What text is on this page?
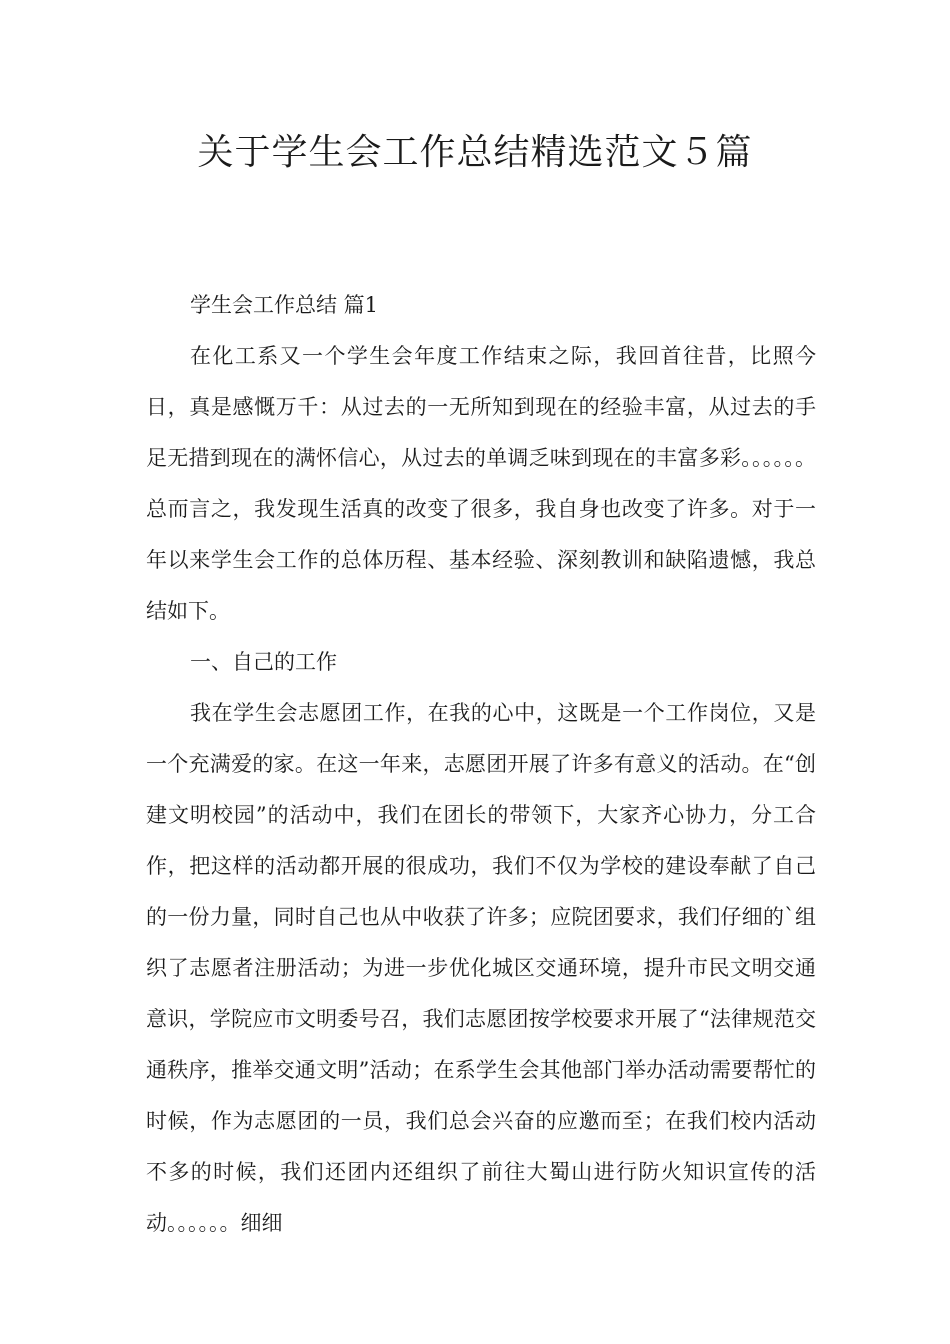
关于学生会工作总结精选范文５篇

学生会工作总结 篇1

在化工系又一个学生会年度工作结束之际，我回首往昔，比照今日，真是感慨万千：从过去的一无所知到现在的经验丰富，从过去的手足无措到现在的满怀信心，从过去的单调乏味到现在的丰富多彩。。。。。。总而言之，我发现生活真的改变了很多，我自身也改变了许多。对于一年以来学生会工作的总体历程、基本经验、深刻教训和缺陷遗憾，我总结如下。

一、自己的工作

我在学生会志愿团工作，在我的心中，这既是一个工作岗位，又是一个充满爱的家。在这一年来，志愿团开展了许多有意义的活动。在“创建文明校园”的活动中，我们在团长的带领下，大家齐心协力，分工合作，把这样的活动都开展的很成功，我们不仅为学校的建设奉献了自己的一份力量，同时自己也从中收获了许多；应院团要求，我们仔细的`组织了志愿者注册活动；为进一步优化城区交通环境，提升市民文明交通意识，学院应市文明委号召，我们志愿团按学校要求开展了“法律规范交通秩序，推举交通文明”活动；在系学生会其他部门举办活动需要帮忙的时候，作为志愿团的一员，我们总会兴奋的应邀而至；在我们校内活动不多的时候，我们还团内还组织了前往大蜀山进行防火知识宣传的活动。。。。。。细细
